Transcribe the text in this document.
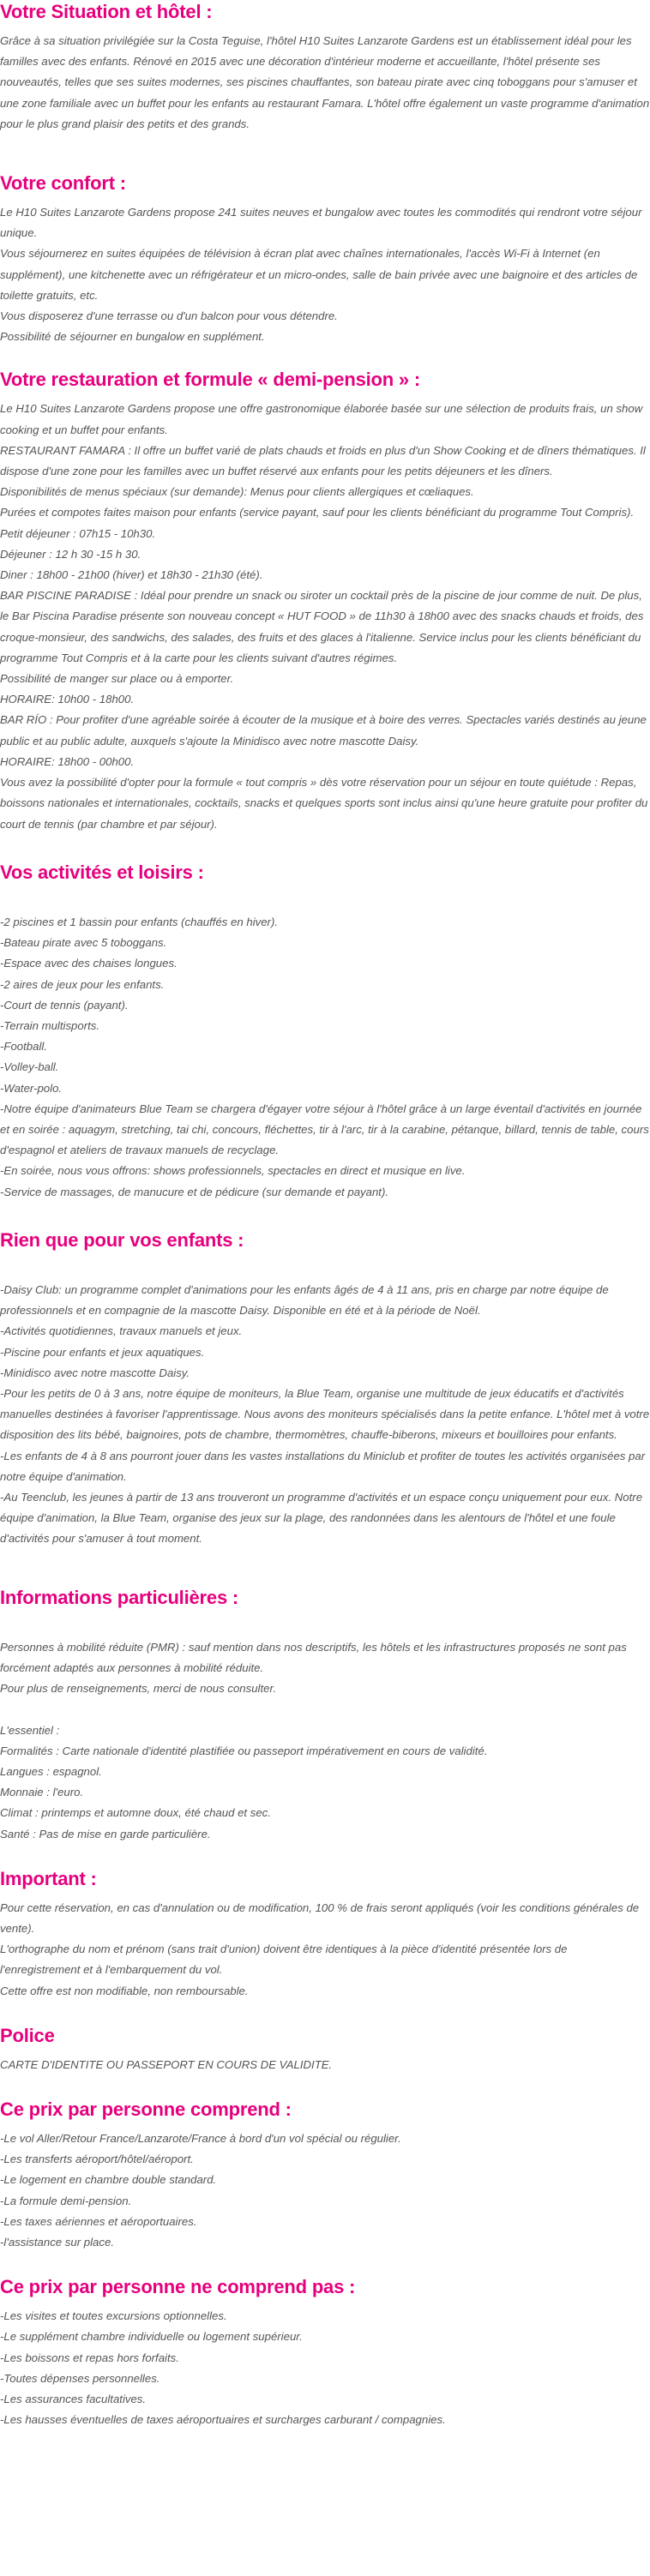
Votre Situation et hôtel :

Grâce à sa situation privilégiée sur la Costa Teguise, l'hôtel H10 Suites Lanzarote Gardens est un établissement idéal pour les familles avec des enfants. Rénové en 2015 avec une décoration d'intérieur moderne et accueillante, l'hôtel présente ses nouveautés, telles que ses suites modernes, ses piscines chauffantes, son bateau pirate avec cinq toboggans pour s'amuser et une zone familiale avec un buffet pour les enfants au restaurant Famara. L'hôtel offre également un vaste programme d'animation pour le plus grand plaisir des petits et des grands.

Votre confort :

Le H10 Suites Lanzarote Gardens propose 241 suites neuves et bungalow avec toutes les commodités qui rendront votre séjour unique.

Vous séjournerez en suites équipées de télévision à écran plat avec chaînes internationales, l'accès Wi-Fi à Internet (en supplément), une kitchenette avec un réfrigérateur et un micro-ondes, salle de bain privée avec une baignoire et des articles de toilette gratuits, etc.

Vous disposerez d'une terrasse ou d'un balcon pour vous détendre.

Possibilité de séjourner en bungalow en supplément.

Votre restauration et formule « demi-pension » :

Le H10 Suites Lanzarote Gardens propose une offre gastronomique élaborée basée sur une sélection de produits frais, un show cooking et un buffet pour enfants.

RESTAURANT FAMARA : Il offre un buffet varié de plats chauds et froids en plus d'un Show Cooking et de dîners thématiques. Il dispose d'une zone pour les familles avec un buffet réservé aux enfants pour les petits déjeuners et les dîners.

Disponibilités de menus spéciaux (sur demande): Menus pour clients allergiques et cœliaques.

Purées et compotes faites maison pour enfants (service payant, sauf pour les clients bénéficiant du programme Tout Compris).

Petit déjeuner : 07h15 - 10h30.

Déjeuner : 12 h 30 -15 h 30.

Diner : 18h00 - 21h00 (hiver) et 18h30 - 21h30 (été).

BAR PISCINE PARADISE : Idéal pour prendre un snack ou siroter un cocktail près de la piscine de jour comme de nuit. De plus, le Bar Piscina Paradise présente son nouveau concept « HUT FOOD » de 11h30 à 18h00 avec des snacks chauds et froids, des croque-monsieur, des sandwichs, des salades, des fruits et des glaces à l'italienne. Service inclus pour les clients bénéficiant du programme Tout Compris et à la carte pour les clients suivant d'autres régimes.

Possibilité de manger sur place ou à emporter.

HORAIRE: 10h00 - 18h00.

BAR RÍO : Pour profiter d'une agréable soirée à écouter de la musique et à boire des verres. Spectacles variés destinés au jeune public et au public adulte, auxquels s'ajoute la Minidisco avec notre mascotte Daisy.

HORAIRE: 18h00 - 00h00.

Vous avez la possibilité d'opter pour la formule « tout compris » dès votre réservation pour un séjour en toute quiétude : Repas, boissons nationales et internationales, cocktails, snacks et quelques sports sont inclus ainsi qu'une heure gratuite pour profiter du court de tennis (par chambre et par séjour).

Vos activités et loisirs :
-2 piscines et 1 bassin pour enfants (chauffés en hiver).
-Bateau pirate avec 5 toboggans.
-Espace avec des chaises longues.
-2 aires de jeux pour les enfants.
-Court de tennis (payant).
-Terrain multisports.
-Football.
-Volley-ball.
-Water-polo.
-Notre équipe d'animateurs Blue Team se chargera d'égayer votre séjour à l'hôtel grâce à un large éventail d'activités en journée et en soirée : aquagym, stretching, tai chi, concours, fléchettes, tir à l'arc, tir à la carabine, pétanque, billard, tennis de table, cours d'espagnol et ateliers de travaux manuels de recyclage.
-En soirée, nous vous offrons: shows professionnels, spectacles en direct et musique en live.
-Service de massages, de manucure et de pédicure (sur demande et payant).
Rien que pour vos enfants :
-Daisy Club: un programme complet d'animations pour les enfants âgés de 4 à 11 ans, pris en charge par notre équipe de professionnels et en compagnie de la mascotte Daisy. Disponible en été et à la période de Noël.
-Activités quotidiennes, travaux manuels et jeux.
-Piscine pour enfants et jeux aquatiques.
-Minidisco avec notre mascotte Daisy.
-Pour les petits de 0 à 3 ans, notre équipe de moniteurs, la Blue Team, organise une multitude de jeux éducatifs et d'activités manuelles destinées à favoriser l'apprentissage. Nous avons des moniteurs spécialisés dans la petite enfance. L'hôtel met à votre disposition des lits bébé, baignoires, pots de chambre, thermomètres, chauffe-biberons, mixeurs et bouilloires pour enfants.
-Les enfants de 4 à 8 ans pourront jouer dans les vastes installations du Miniclub et profiter de toutes les activités organisées par notre équipe d'animation.
-Au Teenclub, les jeunes à partir de 13 ans trouveront un programme d'activités et un espace conçu uniquement pour eux. Notre équipe d'animation, la Blue Team, organise des jeux sur la plage, des randonnées dans les alentours de l'hôtel et une foule d'activités pour s'amuser à tout moment.
Informations particulières :
Personnes à mobilité réduite (PMR) : sauf mention dans nos descriptifs, les hôtels et les infrastructures proposés ne sont pas forcément adaptés aux personnes à mobilité réduite.
Pour plus de renseignements, merci de nous consulter.
L'essentiel :
Formalités : Carte nationale d'identité plastifiée ou passeport impérativement en cours de validité.
Langues : espagnol.
Monnaie : l'euro.
Climat : printemps et automne doux, été chaud et sec.
Santé : Pas de mise en garde particulière.
Important :
Pour cette réservation, en cas d'annulation ou de modification, 100 % de frais seront appliqués (voir les conditions générales de vente).
L'orthographe du nom et prénom (sans trait d'union) doivent être identiques à la pièce d'identité présentée lors de l'enregistrement et à l'embarquement du vol.
Cette offre est non modifiable, non remboursable.
Police
CARTE D'IDENTITE OU PASSEPORT EN COURS DE VALIDITE.
Ce prix par personne comprend :
-Le vol Aller/Retour France/Lanzarote/France à bord d'un vol spécial ou régulier.
-Les transferts aéroport/hôtel/aéroport.
-Le logement en chambre double standard.
-La formule demi-pension.
-Les taxes aériennes et aéroportuaires.
-l'assistance sur place.
Ce prix par personne ne comprend pas :
-Les visites et toutes excursions optionnelles.
-Le supplément chambre individuelle ou logement supérieur.
-Les boissons et repas hors forfaits.
-Toutes dépenses personnelles.
-Les assurances facultatives.
-Les hausses éventuelles de taxes aéroportuaires et surcharges carburant / compagnies.
